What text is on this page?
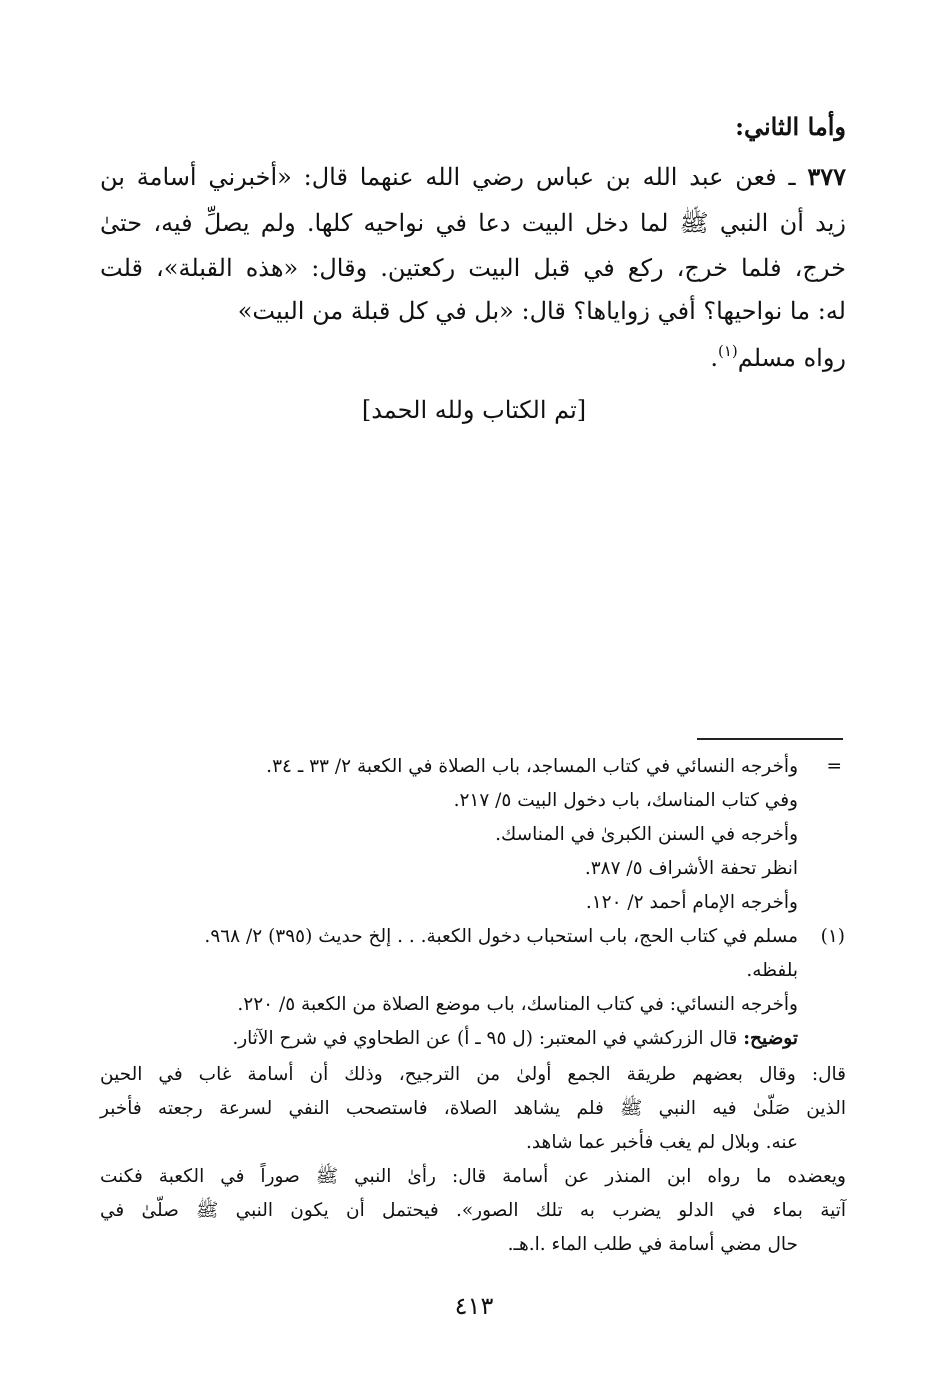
وأما الثاني:
٣٧٧ ـ فعن عبد الله بن عباس رضي الله عنهما قال: «أخبرني أسامة بن
زيد أن النبي ﷺ لما دخل البيت دعا في نواحيه كلها. ولم يصلِّ فيه، حتىٰ
خرج، فلما خرج، ركع في قبل البيت ركعتين. وقال: «هذه القبلة»، قلت
له: ما نواحيها؟ أفي زواياها؟ قال: «بل في كل قبلة من البيت»
رواه مسلم$^{(١)}$.
[تم الكتاب ولله الحمد]
=
وأخرجه النسائي في كتاب المساجد، باب الصلاة في الكعبة ٢/ ٣٣ ـ ٣٤.
وفي كتاب المناسك، باب دخول البيت ٥/ ٢١٧.
وأخرجه في السنن الكبرىٰ في المناسك.
انظر تحفة الأشراف ٥/ ٣٨٧.
وأخرجه الإمام أحمد ٢/ ١٢٠.
(١)
مسلم في كتاب الحج، باب استحباب دخول الكعبة. . . إلخ حديث (٣٩٥) ٢/ ٩٦٨.
بلفظه.
وأخرجه النسائي: في كتاب المناسك، باب موضع الصلاة من الكعبة ٥/ ٢٢٠.
توضيح: قال الزركشي في المعتبر: (ل ٩٥ ـ أ) عن الطحاوي في شرح الآثار.
قال: وقال بعضهم طريقة الجمع أولىٰ من الترجيح، وذلك أن أسامة غاب في الحين
الذين صَلّىٰ فيه النبي ﷺ فلم يشاهد الصلاة، فاستصحب النفي لسرعة رجعته فأخبر
عنه. وبلال لم يغب فأخبر عما شاهد.
ويعضده ما رواه ابن المنذر عن أسامة قال: رأىٰ النبي ﷺ صوراً في الكعبة فكنت
آتية بماء في الدلو يضرب به تلك الصور». فيحتمل أن يكون النبي ﷺ صلّىٰ في
حال مضي أسامة في طلب الماء .ا.هـ.
٤١٣
